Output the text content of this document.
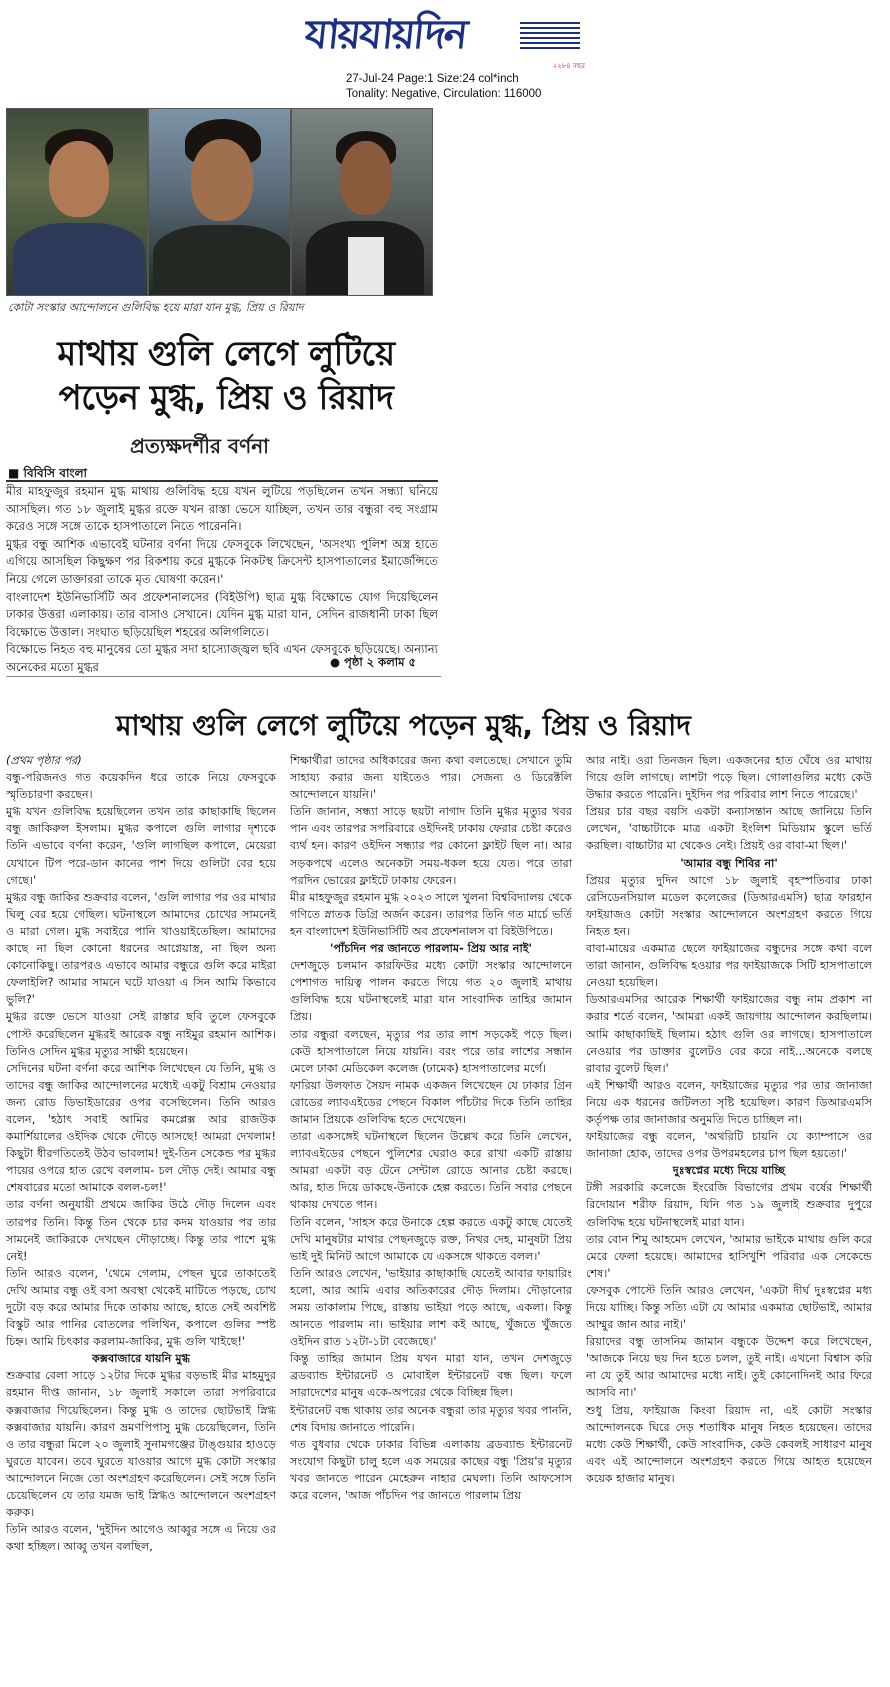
যায়যায়দিন
২২৮৪ বছর
27-Jul-24 Page:1 Size:24 col*inch
Tonality: Negative, Circulation: 116000
কোটা সংস্কার আন্দোলনে গুলিবিদ্ধ হয়ে মারা যান মুগ্ধ, প্রিয় ও রিয়াদ
মাথায় গুলি লেগে লুটিয়ে
পড়েন মুগ্ধ, প্রিয় ও রিয়াদ
প্রত্যক্ষদর্শীর বর্ণনা
■ বিবিসি বাংলা

মীর মাহফুজুর রহমান মুগ্ধ মাথায় গুলিবিদ্ধ হয়ে যখন লুটিয়ে পড়ছিলেন তখন সন্ধ্যা ঘনিয়ে আসছিল। গত ১৮ জুলাই মুগ্ধর রক্তে যখন রাস্তা ভেসে যাচ্ছিল, তখন তার বন্ধুরা বহু সংগ্রাম করেও সঙ্গে সঙ্গে তাকে হাসপাতালে নিতে পারেননি।

মুগ্ধর বন্ধু আশিক এভাবেই ঘটনার বর্ণনা দিয়ে ফেসবুকে লিখেছেন, 'অসংখ্য পুলিশ অস্ত্র হাতে এগিয়ে আসছিল কিছুক্ষণ পর রিকশায় করে মুগ্ধকে নিকটস্থ ক্রিসেন্ট হাসপাতালের ইমার্জেন্সিতে নিয়ে গেলে ডাক্তাররা তাকে মৃত ঘোষণা করেন।'

বাংলাদেশ ইউনিভার্সিটি অব প্রফেশনালসের (বিইউপি) ছাত্র মুগ্ধ বিক্ষোভে যোগ দিয়েছিলেন ঢাকার উত্তরা এলাকায়। তার বাসাও সেখানে। যেদিন মুগ্ধ মারা যান, সেদিন রাজধানী ঢাকা ছিল বিক্ষোভে উত্তাল। সংঘাত ছড়িয়েছিল শহরের অলিগলিতে।

বিক্ষোভে নিহত বহু মানুষের তো মুগ্ধর সদা হাস্যোজ্জ্বল ছবি এখন ফেসবুকে ছড়িয়েছে। অন্যান্য অনেকের মতো মুগ্ধর	● পৃষ্ঠা ২ কলাম ৫
মাথায় গুলি লেগে লুটিয়ে পড়েন মুগ্ধ, প্রিয় ও রিয়াদ

(প্রথম পৃষ্ঠার পর)

বন্ধু-পরিজনও গত কয়েকদিন ধরে তাকে নিয়ে ফেসবুকে স্মৃতিচারণা করছেন।

মুগ্ধ যখন গুলিবিদ্ধ হয়েছিলেন তখন তার কাছাকাছি ছিলেন বন্ধু জাকিরুল ইসলাম। মুগ্ধর কপালে গুলি লাগার দৃশ্যকে তিনি এভাবে বর্ণনা করেন, 'গুলি লাগছিল কপালে, মেয়েরা যেখানে টিপ পরে-ডান কানের পাশ দিয়ে গুলিটা বের হয়ে গেছে।'

মুগ্ধর বন্ধু জাকির শুক্রবার বলেন, 'গুলি লাগার পর ওর মাথার ঘিলু বের হয়ে গেছিল। ঘটনাস্থলে আমাদের চোখের সামনেই ও মারা গেল। মুগ্ধ সবাইরে পানি খাওয়াইতেছিল। আমাদের কাছে না ছিল কোনো ধরনের আগ্নেয়াস্ত্র, না ছিল অন্য কোনোকিছু। তারপরও এভাবে আমার বন্ধুরে গুলি করে মাইরা ফেলাইলি? আমার সামনে ঘটে যাওয়া এ সিন আমি কিভাবে ভুলি?'

মুগ্ধর রক্তে ভেসে যাওয়া সেই রাস্তার ছবি তুলে ফেসবুকে পোস্ট করেছিলেন মুগ্ধরই আরেক বন্ধু নাইমুর রহমান আশিক। তিনিও সেদিন মুগ্ধর মৃত্যুর সাক্ষী হয়েছেন।

সেদিনের ঘটনা বর্ণনা করে আশিক লিখেছেন যে তিনি, মুগ্ধ ও তাদের বন্ধু জাকির আন্দোলনের মধ্যেই একটু বিশ্রাম নেওয়ার জন্য রোড ডিভাইডারের ওপর বসেছিলেন। তিনি আরও বলেন, 'হঠাৎ সবাই আমির কমপ্লেক্স আর রাজউক কমার্শিয়ালের ওইদিক থেকে দৌড়ে আসছে! আমরা দেখলাম! কিছুটা ধীরগতিতেই উঠব ভাবলাম! দুই-তিন সেকেন্ড পর মুগ্ধর পায়ের ওপরে হাত রেখে বললাম- চল দৌড় দেই। আমার বন্ধু শেষবারের মতো আমাকে বলল-চল!'

তার বর্ণনা অনুযায়ী প্রথমে জাকির উঠে দৌড় দিলেন এবং তারপর তিনি। কিন্তু তিন থেকে চার কদম যাওয়ার পর তার সামনেই জাকিরকে দেখছেন দৌড়াচ্ছে। কিন্তু তার পাশে মুগ্ধ নেই!

তিনি আরও বলেন, 'থেমে গেলাম, পেছন ঘুরে তাকাতেই দেখি আমার বন্ধু ওই বসা অবস্থা থেকেই মাটিতে পড়ছে, চোখ দুটো বড় করে আমার দিকে তাকায় আছে, হাতে সেই অবশিষ্ট বিস্কুট আর পানির বোতলের পলিথিন, কপালে গুলির স্পষ্ট চিহ্ন। আমি চিৎকার করলাম-জাকির, মুগ্ধ গুলি খাইছে!'

কক্সবাজারে যায়নি মুগ্ধ

শুক্রবার বেলা সাড়ে ১২টার দিকে মুগ্ধর বড়ভাই মীর মাহমুদুর রহমান দীপ্ত জানান, ১৮ জুলাই সকালে তারা সপরিবারে কক্সবাজার গিয়েছিলেন। কিন্তু মুগ্ধ ও তাদের ছোটভাই স্নিগ্ধ কক্সবাজার যায়নি। কারণ ভ্রমণপিপাসু মুগ্ধ চেয়েছিলেন, তিনি ও তার বন্ধুরা মিলে ২০ জুলাই সুনামগঞ্জের টাঙ্গুয়ার হাওড়ে ঘুরতে যাবেন। তবে ঘুরতে যাওয়ার আগে মুগ্ধ কোটা সংস্কার আন্দোলনে নিজে তো অংশগ্রহণ করেছিলেন। সেই সঙ্গে তিনি চেয়েছিলেন যে তার যমজ ভাই স্নিগ্ধও আন্দোলনে অংশগ্রহণ করুক।

তিনি আরও বলেন, 'দুইদিন আগেও আব্বুর সঙ্গে এ নিয়ে ওর কথা হচ্ছিল। আব্বু তখন বলছিল,

শিক্ষার্থীরা তাদের অধিকারের জন্য কথা বলতেছে। সেখানে তুমি সাহায্য করার জন্য যাইতেও পার। সেজন্য ও ডিরেক্টলি আন্দোলনে যায়নি।'

তিনি জানান, সন্ধ্যা সাড়ে ছয়টা নাগাদ তিনি মুগ্ধর মৃত্যুর খবর পান এবং তারপর সপরিবারে ওইদিনই ঢাকায় ফেরার চেষ্টা করেও ব্যর্থ হন। কারণ ওইদিন সন্ধ্যার পর কোনো ফ্লাইট ছিল না। আর সড়কপথে এলেও অনেকটা সময়-ধকল হয়ে যেত। পরে তারা পরদিন ভোরের ফ্লাইটে ঢাকায় ফেরেন।

মীর মাহফুজুর রহমান মুগ্ধ ২০২৩ সালে খুলনা বিশ্ববিদ্যালয় থেকে গণিতে স্নাতক ডিগ্রি অর্জন করেন। তারপর তিনি গত মার্চে ভর্তি হন বাংলাদেশ ইউনিভার্সিটি অব প্রফেশনালস বা বিইউপিতে।

'পাঁচদিন পর জানতে পারলাম- প্রিয় আর নাই'

দেশজুড়ে চলমান কারফিউর মধ্যে কোটা সংস্কার আন্দোলনে পেশাগত দায়িত্ব পালন করতে গিয়ে গত ২০ জুলাই মাথায় গুলিবিদ্ধ হয়ে ঘটনাস্থলেই মারা যান সাংবাদিক তাহির জামান প্রিয়।

তার বন্ধুরা বলছেন, মৃত্যুর পর তার লাশ সড়কেই পড়ে ছিল। কেউ হাসপাতালে নিয়ে যায়নি। বরং পরে তার লাশের সন্ধান মেলে ঢাকা মেডিকেল কলেজ (ঢামেক) হাসপাতালের মর্গে।

ফারিয়া উলফাত সৈয়দ নামক একজন লিখেছেন যে ঢাকার গ্রিন রোডের ল্যাবএইডের পেছনে বিকাল পাঁচটার দিকে তিনি তাহির জামান প্রিয়কে গুলিবিদ্ধ হতে দেখেছেন।

তারা একসঙ্গেই ঘটনাস্থলে ছিলেন উল্লেখ করে তিনি লেখেন, ল্যাবএইডের পেছনে পুলিশের ঘেরাও করে রাখা একটি রাস্তায় আমরা একটা বড় টেনে সেন্টাল রোডে আনার চেষ্টা করছে। আর, হাত দিয়ে ডাকছে-উনাকে হেল্প করতে। তিনি সবার পেছনে থাকায় দেখতে পান।

তিনি বলেন, 'সাহস করে উনাকে হেল্প করতে একটু কাছে যেতেই দেখি মানুষটার মাথার পেছনজুড়ে রক্ত, নিথর দেহ, মানুষটা প্রিয় ভাই দুই মিনিট আগে আমাকে যে একসঙ্গে থাকতে বলল।'

তিনি আরও লেখেন, 'ভাইয়ার কাছাকাছি যেতেই আবার ফায়ারিং হলো, আর আমি এবার অতিকারের দৌড় দিলাম। দৌড়ানোর সময় তাকালাম পিছে, রাস্তায় ভাইয়া পড়ে আছে, একলা। কিন্তু আনতে পারলাম না। ভাইয়ার লাশ কই আছে, খুঁজতে খুঁজতে ওইদিন রাত ১২টা-১টা বেজেছে।'

কিন্তু তাহির জামান প্রিয় যখন মারা যান, তখন দেশজুড়ে ব্রডব্যান্ড ইন্টারনেট ও মোবাইল ইন্টারনেট বন্ধ ছিল। ফলে সারাদেশের মানুষ একে-অপরের থেকে বিচ্ছিন্ন ছিল।

ইন্টারনেট বন্ধ থাকায় তার অনেক বন্ধুরা তার মৃত্যুর খবর পাননি, শেষ বিদায় জানাতে পারেনি।

গত বুধবার থেকে ঢাকার বিভিন্ন এলাকায় ব্রডব্যান্ড ইন্টারনেট সংযোগ কিছুটা চালু হলে এক সময়ের কাছের বন্ধু 'প্রিয়'র মৃত্যুর খবর জানতে পারেন মেহেরুন নাহার মেঘলা। তিনি আফসোস করে বলেন, 'আজ পাঁচদিন পর জানতে পারলাম প্রিয়

আর নাই। ওরা তিনজন ছিল। একজনের হাত ঘেঁষে ওর মাথায় গিয়ে গুলি লাগছে। লাশটা পড়ে ছিল। গোলাগুলির মধ্যে কেউ উদ্ধার করতে পারেনি। দুইদিন পর পরিবার লাশ নিতে পারেছে।'

প্রিয়র চার বছর বয়সি একটা কন্যাসন্তান আছে জানিয়ে তিনি লেখেন, 'বাচ্চাটাকে মাত্র একটা ইংলিশ মিডিয়াম স্কুলে ভর্তি করছিল। বাচ্চাটার মা থেকেও নেই। প্রিয়ই ওর বাবা-মা ছিল।'

'আমার বন্ধু শিবির না'

প্রিয়র মৃত্যুর দুদিন আগে ১৮ জুলাই বৃহস্পতিবার ঢাকা রেসিডেনসিয়াল মডেল কলেজের (ডিআরএমসি) ছাত্র ফারহান ফাইয়াজও কোটা সংস্কার আন্দোলনে অংশগ্রহণ করতে গিয়ে নিহত হন।

বাবা-মায়ের একমাত্র ছেলে ফাইয়াজের বন্ধুদের সঙ্গে কথা বলে তারা জানান, গুলিবিদ্ধ হওয়ার পর ফাইয়াজকে সিটি হাসপাতালে নেওয়া হয়েছিল।

ডিআরএমসির আরেক শিক্ষার্থী ফাইয়াজের বন্ধু নাম প্রকাশ না করার শর্তে বলেন, 'আমরা একই জায়গায় আন্দোলন করছিলাম। আমি কাছাকাছিই ছিলাম। হঠাৎ গুলি ওর লাগছে। হাসপাতালে নেওয়ার পর ডাক্তার বুলেটও বের করে নাই...অনেকে বলছে রাবার বুলেট ছিল।'

এই শিক্ষার্থী আরও বলেন, ফাইয়াজের মৃত্যুর পর তার জানাজা নিয়ে এক ধরনের জটিলতা সৃষ্টি হয়েছিল। কারণ ডিআরএমসি কর্তৃপক্ষ তার জানাজার অনুমতি দিতে চাচ্ছিল না।

ফাইয়াজের বন্ধু বলেন, 'অথরিটি চায়নি যে ক্যাম্পাসে ওর জানাজা হোক, তাদের ওপর উপরমহলের চাপ ছিল হয়তো।'

দুঃস্বপ্নের মধ্যে দিয়ে যাচ্ছি

টঙ্গী সরকারি কলেজে ইংরেজি বিভাগের প্রথম বর্ষের শিক্ষার্থী রিদোয়ান শরীফ রিয়াদ, যিনি গত ১৯ জুলাই শুক্রবার দুপুরে গুলিবিদ্ধ হয়ে ঘটনাস্থলেই মারা যান।

তার বোন শিমু আহমেদ লেখেন, 'আমার ভাইকে মাথায় গুলি করে মেরে ফেলা হয়েছে। আমাদের হাসিখুশি পরিবার এক সেকেন্ডে শেষ।'

ফেসবুক পোস্টে তিনি আরও লেখেন, 'একটা দীর্ঘ দুঃস্বপ্নের মধ্য দিয়ে যাচ্ছি। কিন্তু সত্যি এটা যে আমার একমাত্র ছোটভাই, আমার আম্মুর জান আর নাই।'

রিয়াদের বন্ধু তাসনিম জামান বন্ধুকে উদ্দেশ করে লিখেছেন, 'আজকে নিয়ে ছয় দিন হতে চলল, তুই নাই। এখনো বিশ্বাস করি না যে তুই আর আমাদের মধ্যে নাই। তুই কোনোদিনই আর ফিরে আসবি না।'

শুধু প্রিয়, ফাইয়াজ কিংবা রিয়াদ না, এই কোটা সংস্কার আন্দোলনকে ঘিরে দেড় শতাধিক মানুষ নিহত হয়েছেন। তাদের মধ্যে কেউ শিক্ষার্থী, কেউ সাংবাদিক, কেউ কেবলই সাধারণ মানুষ এবং এই আন্দোলনে অংশগ্রহণ করতে গিয়ে আহত হয়েছেন কয়েক হাজার মানুষ।
